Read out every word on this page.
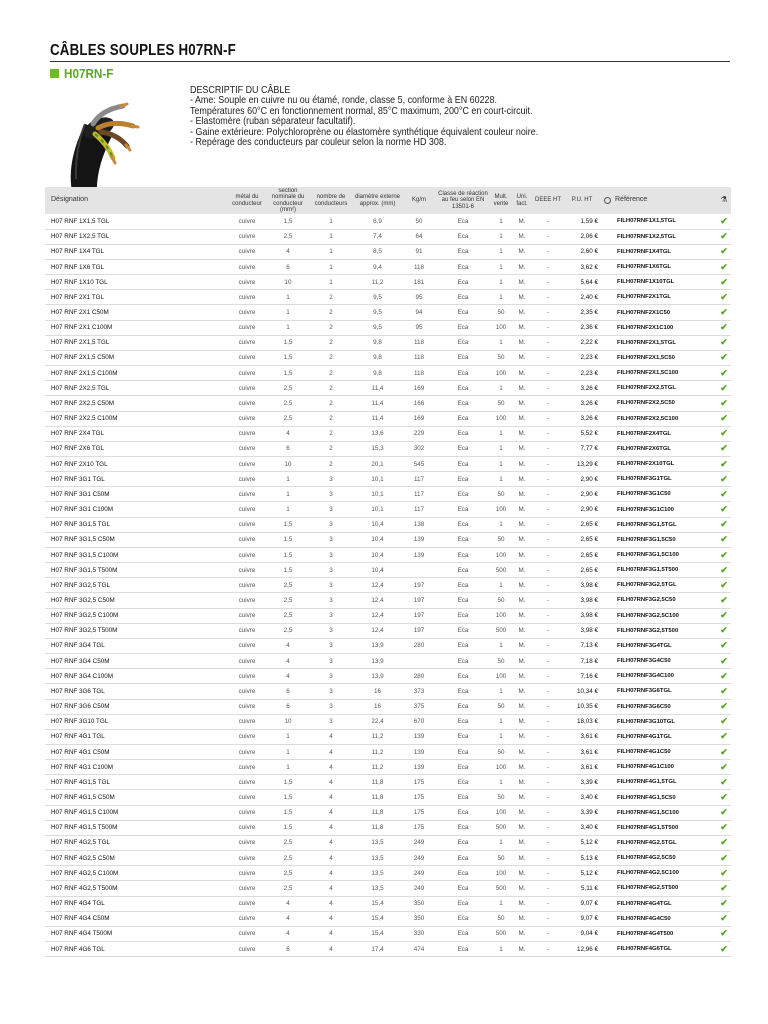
CÂBLES SOUPLES H07RN-F
H07RN-F
DESCRIPTIF DU CÂBLE
- Ame: Souple en cuivre nu ou étamé, ronde, classe 5, conforme à EN 60228.
Températures 60°C en fonctionnement normal, 85°C maximum, 200°C en court-circuit.
- Elastomère (ruban séparateur facultatif).
- Gaine extérieure: Polychloroprène ou élastomère synthétique équivalent couleur noire.
- Repérage des conducteurs par couleur selon la norme HD 308.
Désignation	métal du conducteur	section nominale du conducteur (mm²)	nombre de conducteurs	diamètre externe approx. (mm)	Kg/m	Classe de réaction au feu selon EN 13501-6	Mult. vente	Uni. fact.	DEEE HT	P.U. HT		Référence	⚗
H07 RNF 1X1,5 TGL	cuivre	1,5	1	6,9	50	Eca	1	M.	-	1,59 €		FILH07RNF1X1,5TGL	✔
H07 RNF 1X2,5 TGL	cuivre	2,5	1	7,4	64	Eca	1	M.	-	2,06 €		FILH07RNF1X2,5TGL	✔
H07 RNF 1X4 TGL	cuivre	4	1	8,5	91	Eca	1	M.	-	2,60 €		FILH07RNF1X4TGL	✔
H07 RNF 1X6 TGL	cuivre	6	1	9,4	118	Eca	1	M.	-	3,62 €		FILH07RNF1X6TGL	✔
H07 RNF 1X10 TGL	cuivre	10	1	11,2	181	Eca	1	M.	-	5,64 €		FILH07RNF1X10TGL	✔
H07 RNF 2X1 TGL	cuivre	1	2	9,5	95	Eca	1	M.	-	2,40 €		FILH07RNF2X1TGL	✔
H07 RNF 2X1 C50M	cuivre	1	2	9,5	94	Eca	50	M.	-	2,35 €		FILH07RNF2X1C50	✔
H07 RNF 2X1 C100M	cuivre	1	2	9,5	95	Eca	100	M.	-	2,36 €		FILH07RNF2X1C100	✔
H07 RNF 2X1,5 TGL	cuivre	1,5	2	9,8	118	Eca	1	M.	-	2,22 €		FILH07RNF2X1,5TGL	✔
H07 RNF 2X1,5 C50M	cuivre	1,5	2	9,8	118	Eca	50	M.	-	2,23 €		FILH07RNF2X1,5C50	✔
H07 RNF 2X1,5 C100M	cuivre	1,5	2	9,8	118	Eca	100	M.	-	2,23 €		FILH07RNF2X1,5C100	✔
H07 RNF 2X2,5 TGL	cuivre	2,5	2	11,4	169	Eca	1	M.	-	3,26 €		FILH07RNF2X2,5TGL	✔
H07 RNF 2X2,5 C50M	cuivre	2,5	2	11,4	166	Eca	50	M.	-	3,26 €		FILH07RNF2X2,5C50	✔
H07 RNF 2X2,5 C100M	cuivre	2,5	2	11,4	169	Eca	100	M.	-	3,26 €		FILH07RNF2X2,5C100	✔
H07 RNF 2X4 TGL	cuivre	4	2	13,6	229	Eca	1	M.	-	5,52 €		FILH07RNF2X4TGL	✔
H07 RNF 2X6 TGL	cuivre	6	2	15,3	302	Eca	1	M.	-	7,77 €		FILH07RNF2X6TGL	✔
H07 RNF 2X10 TGL	cuivre	10	2	20,1	545	Eca	1	M.	-	13,29 €		FILH07RNF2X10TGL	✔
H07 RNF 3G1 TGL	cuivre	1	3	10,1	117	Eca	1	M.	-	2,90 €		FILH07RNF3G1TGL	✔
H07 RNF 3G1 C50M	cuivre	1	3	10,1	117	Eca	50	M.	-	2,90 €		FILH07RNF3G1C50	✔
H07 RNF 3G1 C100M	cuivre	1	3	10,1	117	Eca	100	M.	-	2,90 €		FILH07RNF3G1C100	✔
H07 RNF 3G1,5 TGL	cuivre	1,5	3	10,4	138	Eca	1	M.	-	2,65 €		FILH07RNF3G1,5TGL	✔
H07 RNF 3G1,5 C50M	cuivre	1,5	3	10,4	139	Eca	50	M.	-	2,65 €		FILH07RNF3G1,5C50	✔
H07 RNF 3G1,5 C100M	cuivre	1,5	3	10,4	139	Eca	100	M.	-	2,65 €		FILH07RNF3G1,5C100	✔
H07 RNF 3G1,5 T500M	cuivre	1,5	3	10,4		Eca	500	M.	-	2,65 €		FILH07RNF3G1,5T500	✔
H07 RNF 3G2,5 TGL	cuivre	2,5	3	12,4	197	Eca	1	M.	-	3,98 €		FILH07RNF3G2,5TGL	✔
H07 RNF 3G2,5 C50M	cuivre	2,5	3	12,4	197	Eca	50	M.	-	3,98 €		FILH07RNF3G2,5C50	✔
H07 RNF 3G2,5 C100M	cuivre	2,5	3	12,4	197	Eca	100	M.	-	3,98 €		FILH07RNF3G2,5C100	✔
H07 RNF 3G2,5 T500M	cuivre	2,5	3	12,4	197	Eca	500	M.	-	3,98 €		FILH07RNF3G2,5T500	✔
H07 RNF 3G4 TGL	cuivre	4	3	13,9	280	Eca	1	M.	-	7,13 €		FILH07RNF3G4TGL	✔
H07 RNF 3G4 C50M	cuivre	4	3	13,9		Eca	50	M.	-	7,18 €		FILH07RNF3G4C50	✔
H07 RNF 3G4 C100M	cuivre	4	3	13,9	280	Eca	100	M.	-	7,16 €		FILH07RNF3G4C100	✔
H07 RNF 3G6 TGL	cuivre	6	3	16	373	Eca	1	M.	-	10,34 €		FILH07RNF3G6TGL	✔
H07 RNF 3G6 C50M	cuivre	6	3	16	375	Eca	50	M.	-	10,35 €		FILH07RNF3G6C50	✔
H07 RNF 3G10 TGL	cuivre	10	3	22,4	670	Eca	1	M.	-	18,03 €		FILH07RNF3G10TGL	✔
H07 RNF 4G1 TGL	cuivre	1	4	11,2	139	Eca	1	M.	-	3,61 €		FILH07RNF4G1TGL	✔
H07 RNF 4G1 C50M	cuivre	1	4	11,2	139	Eca	50	M.	-	3,61 €		FILH07RNF4G1C50	✔
H07 RNF 4G1 C100M	cuivre	1	4	11,2	139	Eca	100	M.	-	3,61 €		FILH07RNF4G1C100	✔
H07 RNF 4G1,5 TGL	cuivre	1,5	4	11,8	175	Eca	1	M.	-	3,39 €		FILH07RNF4G1,5TGL	✔
H07 RNF 4G1,5 C50M	cuivre	1,5	4	11,8	175	Eca	50	M.	-	3,40 €		FILH07RNF4G1,5C50	✔
H07 RNF 4G1,5 C100M	cuivre	1,5	4	11,8	175	Eca	100	M.	-	3,39 €		FILH07RNF4G1,5C100	✔
H07 RNF 4G1,5 T500M	cuivre	1,5	4	11,8	175	Eca	500	M.	-	3,40 €		FILH07RNF4G1,5T500	✔
H07 RNF 4G2,5 TGL	cuivre	2,5	4	13,5	249	Eca	1	M.	-	5,12 €		FILH07RNF4G2,5TGL	✔
H07 RNF 4G2,5 C50M	cuivre	2,5	4	13,5	249	Eca	50	M.	-	5,13 €		FILH07RNF4G2,5C50	✔
H07 RNF 4G2,5 C100M	cuivre	2,5	4	13,5	249	Eca	100	M.	-	5,12 €		FILH07RNF4G2,5C100	✔
H07 RNF 4G2,5 T500M	cuivre	2,5	4	13,5	249	Eca	500	M.	-	5,11 €		FILH07RNF4G2,5T500	✔
H07 RNF 4G4 TGL	cuivre	4	4	15,4	350	Eca	1	M.	-	9,07 €		FILH07RNF4G4TGL	✔
H07 RNF 4G4 C50M	cuivre	4	4	15,4	350	Eca	50	M.	-	9,07 €		FILH07RNF4G4C50	✔
H07 RNF 4G4 T500M	cuivre	4	4	15,4	330	Eca	500	M.	-	9,04 €		FILH07RNF4G4T500	✔
H07 RNF 4G6 TGL	cuivre	6	4	17,4	474	Eca	1	M.	-	12,96 €		FILH07RNF4G6TGL	✔
